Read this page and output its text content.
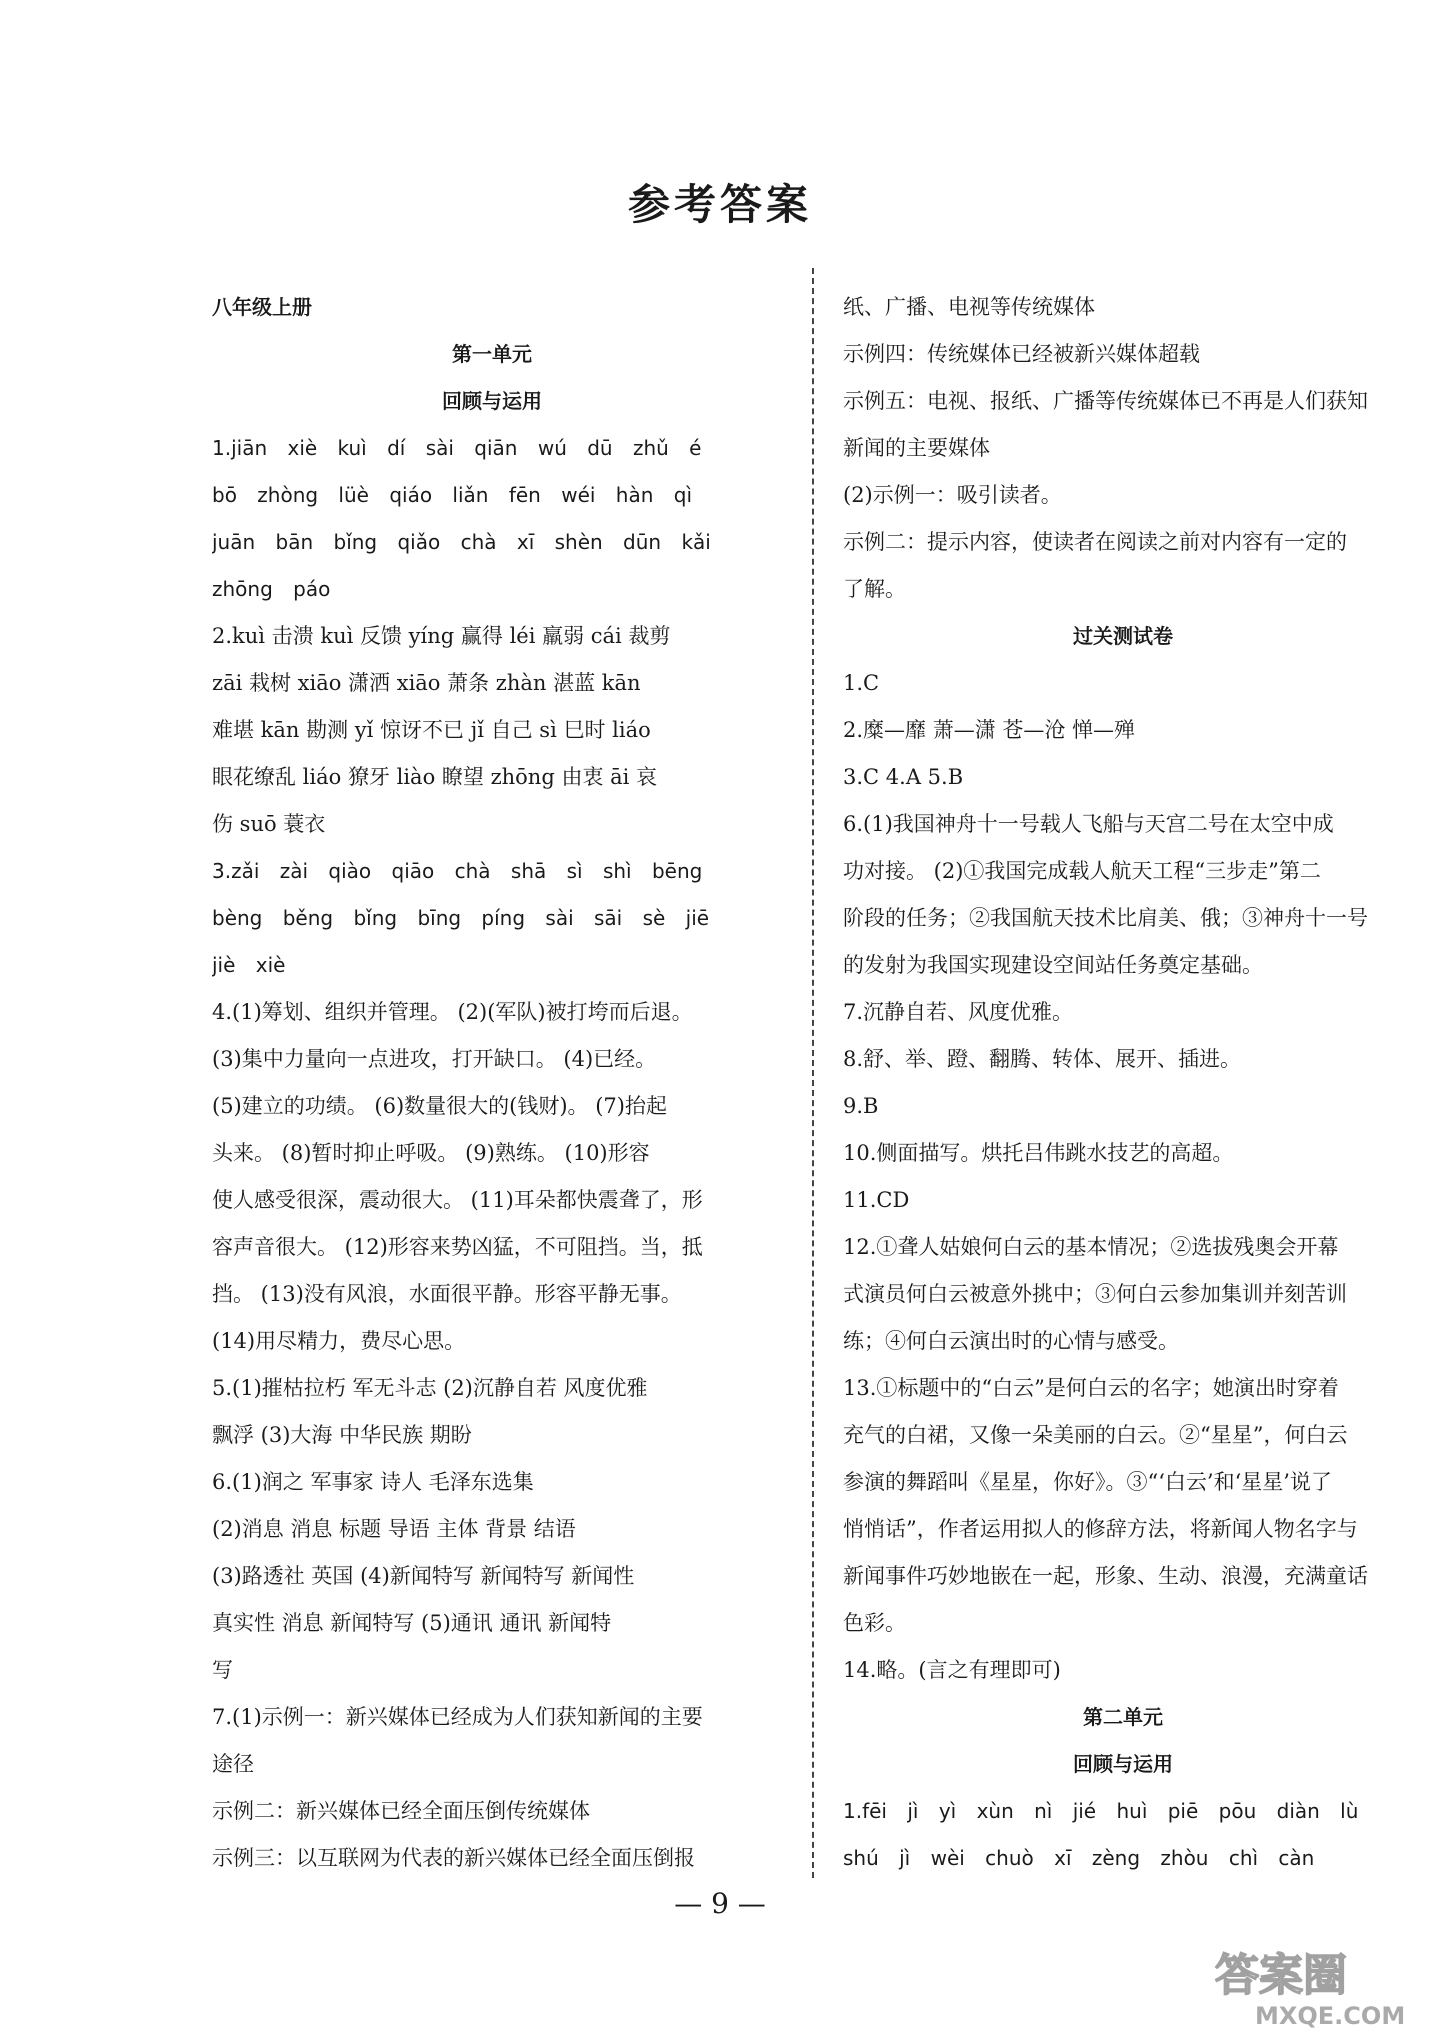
参考答案
八年级上册
第一单元
回顾与运用
1.jiān xiè kuì dí sài qiān wú dū zhǔ é
bō zhòng lüè qiáo liǎn fēn wéi hàn qì
juān bān bǐng qiǎo chà xī shèn dūn kǎi
zhōng páo
2.kuì 击溃 kuì 反馈 yíng 赢得 léi 羸弱 cái 裁剪
zāi 栽树 xiāo 潇洒 xiāo 萧条 zhàn 湛蓝 kān
难堪 kān 勘测 yǐ 惊讶不已 jǐ 自己 sì 巳时 liáo
眼花缭乱 liáo 獠牙 liào 瞭望 zhōng 由衷 āi 哀
伤 suō 蓑衣
3.zǎi zài qiào qiāo chà shā sì shì bēng
bèng běng bǐng bīng píng sài sāi sè jiē
jiè xiè
4.(1)筹划、组织并管理。 (2)(军队)被打垮而后退。
(3)集中力量向一点进攻，打开缺口。 (4)已经。
(5)建立的功绩。 (6)数量很大的(钱财)。 (7)抬起
头来。 (8)暂时抑止呼吸。 (9)熟练。 (10)形容
使人感受很深，震动很大。 (11)耳朵都快震聋了，形
容声音很大。 (12)形容来势凶猛，不可阻挡。当，抵
挡。 (13)没有风浪，水面很平静。形容平静无事。
(14)用尽精力，费尽心思。
5.(1)摧枯拉朽 军无斗志 (2)沉静自若 风度优雅
飘浮 (3)大海 中华民族 期盼
6.(1)润之 军事家 诗人 毛泽东选集
(2)消息 消息 标题 导语 主体 背景 结语
(3)路透社 英国 (4)新闻特写 新闻特写 新闻性
真实性 消息 新闻特写 (5)通讯 通讯 新闻特
写
7.(1)示例一：新兴媒体已经成为人们获知新闻的主要
途径
示例二：新兴媒体已经全面压倒传统媒体
示例三：以互联网为代表的新兴媒体已经全面压倒报
纸、广播、电视等传统媒体
示例四：传统媒体已经被新兴媒体超载
示例五：电视、报纸、广播等传统媒体已不再是人们获知
新闻的主要媒体
(2)示例一：吸引读者。
示例二：提示内容，使读者在阅读之前对内容有一定的
了解。
过关测试卷
1.C
2.糜—靡 萧—潇 苍—沧 惮—殚
3.C 4.A 5.B
6.(1)我国神舟十一号载人飞船与天宫二号在太空中成
功对接。 (2)①我国完成载人航天工程“三步走”第二
阶段的任务；②我国航天技术比肩美、俄；③神舟十一号
的发射为我国实现建设空间站任务奠定基础。
7.沉静自若、风度优雅。
8.舒、举、蹬、翻腾、转体、展开、插进。
9.B
10.侧面描写。烘托吕伟跳水技艺的高超。
11.CD
12.①聋人姑娘何白云的基本情况；②选拔残奥会开幕
式演员何白云被意外挑中；③何白云参加集训并刻苦训
练；④何白云演出时的心情与感受。
13.①标题中的“白云”是何白云的名字；她演出时穿着
充气的白裙，又像一朵美丽的白云。②“星星”，何白云
参演的舞蹈叫《星星，你好》。③“‘白云’和‘星星’说了
悄悄话”，作者运用拟人的修辞方法，将新闻人物名字与
新闻事件巧妙地嵌在一起，形象、生动、浪漫，充满童话
色彩。
14.略。(言之有理即可)
第二单元
回顾与运用
1.fēi jì yì xùn nì jié huì piē pōu diàn lù
shú jì wèi chuò xī zèng zhòu chì càn
— 9 —
答案圈
MXQE.COM
